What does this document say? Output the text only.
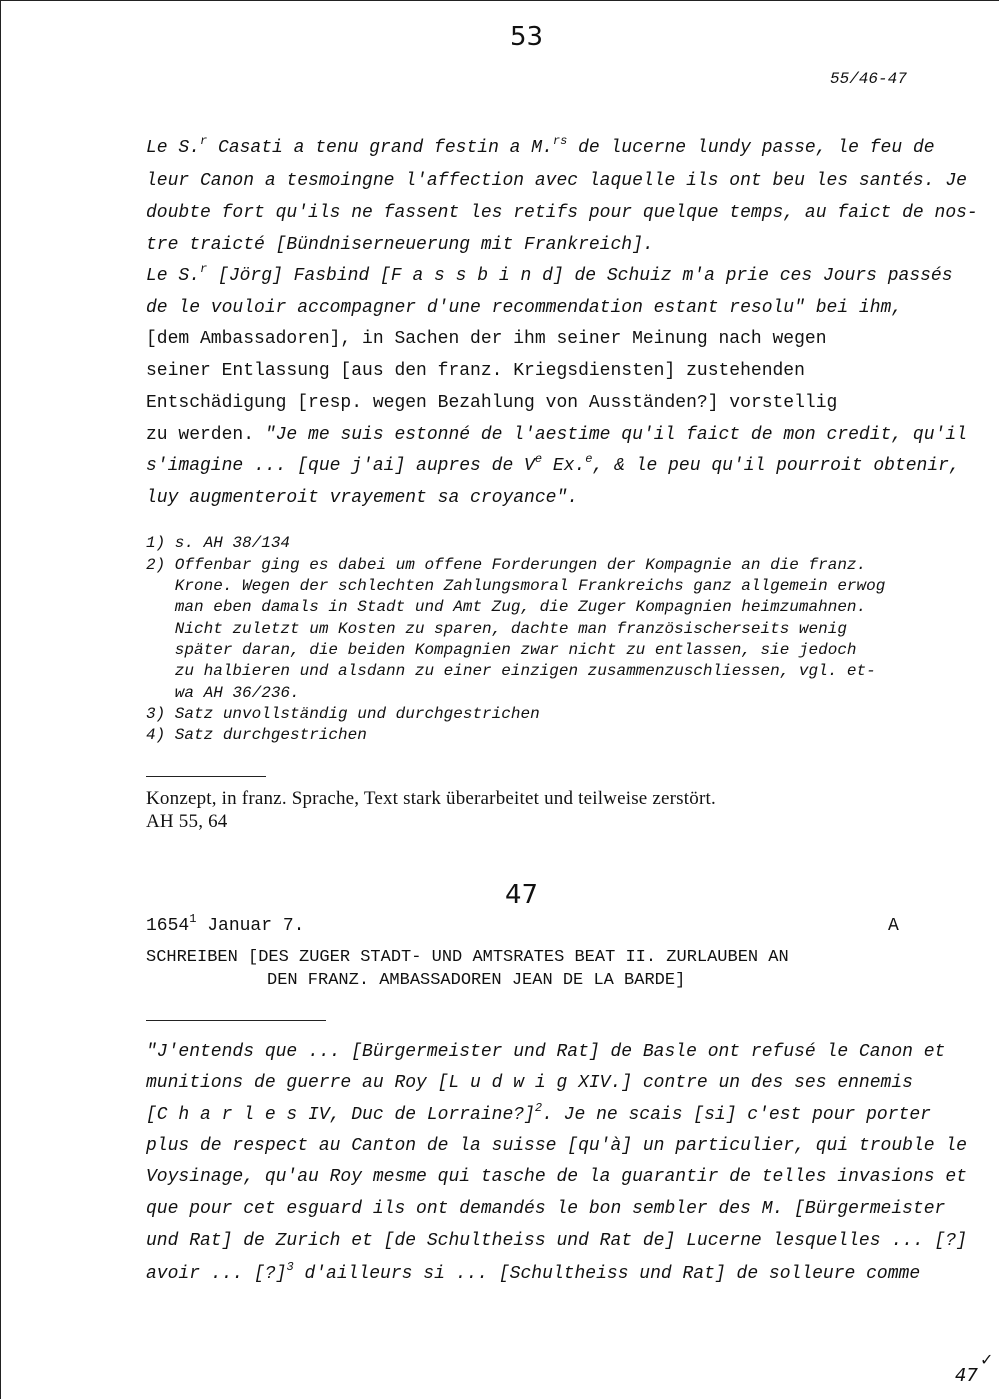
53
55/46-47
Le S.$^r$ Casati a tenu grand festin a M.$^{rs}$ de lucerne lundy passe, le feu de
leur Canon a tesmoingne l'affection avec laquelle ils ont beu les santés. Je
doubte fort qu'ils ne fassent les retifs pour quelque temps, au faict de nos-
tre traicté [Bündniserneuerung mit Frankreich].
Le S.$^r$ [Jörg] Fasbind [F a s s b i n d] de Schuiz m'a prie ces Jours passés
de le vouloir accompagner d'une recommendation estant resolu" bei ihm,
[dem Ambassadoren], in Sachen der ihm seiner Meinung nach wegen
seiner Entlassung [aus den franz. Kriegsdiensten] zustehenden
Entschädigung [resp. wegen Bezahlung von Ausständen?] vorstellig
zu werden. "Je me suis estonné de l'aestime qu'il faict de mon credit, qu'il
s'imagine ... [que j'ai] aupres de Ve Ex.$^e$, & le peu qu'il pourroit obtenir,
luy augmenteroit vrayement sa croyance".
1) s. AH 38/134
2) Offenbar ging es dabei um offene Forderungen der Kompagnie an die franz.
Krone. Wegen der schlechten Zahlungsmoral Frankreichs ganz allgemein erwog
man eben damals in Stadt und Amt Zug, die Zuger Kompagnien heimzumahnen.
Nicht zuletzt um Kosten zu sparen, dachte man französischerseits wenig
später daran, die beiden Kompagnien zwar nicht zu entlassen, sie jedoch
zu halbieren und alsdann zu einer einzigen zusammenzuschliessen, vgl. et-
wa AH 36/236.
3) Satz unvollständig und durchgestrichen
4) Satz durchgestrichen
Konzept, in franz. Sprache, Text stark überarbeitet und teilweise zerstört.
AH 55, 64
47
1654$^1$ Januar 7.	A
SCHREIBEN [DES ZUGER STADT- UND AMTSRATES BEAT II. ZURLAUBEN AN
DEN FRANZ. AMBASSADOREN JEAN DE LA BARDE]
"J'entends que ... [Bürgermeister und Rat] de Basle ont refusé le Canon et
munitions de guerre au Roy [L u d w i g XIV.] contre un des ses ennemis
[C h a r l e s IV, Duc de Lorraine?]$^2$. Je ne scais [si] c'est pour porter
plus de respect au Canton de la suisse [qu'à] un particulier, qui trouble le
Voysinage, qu'au Roy mesme qui tasche de la guarantir de telles invasions et
que pour cet esguard ils ont demandés le bon sembler des M. [Bürgermeister
und Rat] de Zurich et [de Schultheiss und Rat de] Lucerne lesquelles ... [?]
avoir ... [?]$^3$ d'ailleurs si ... [Schultheiss und Rat] de solleure comme
47
✓
